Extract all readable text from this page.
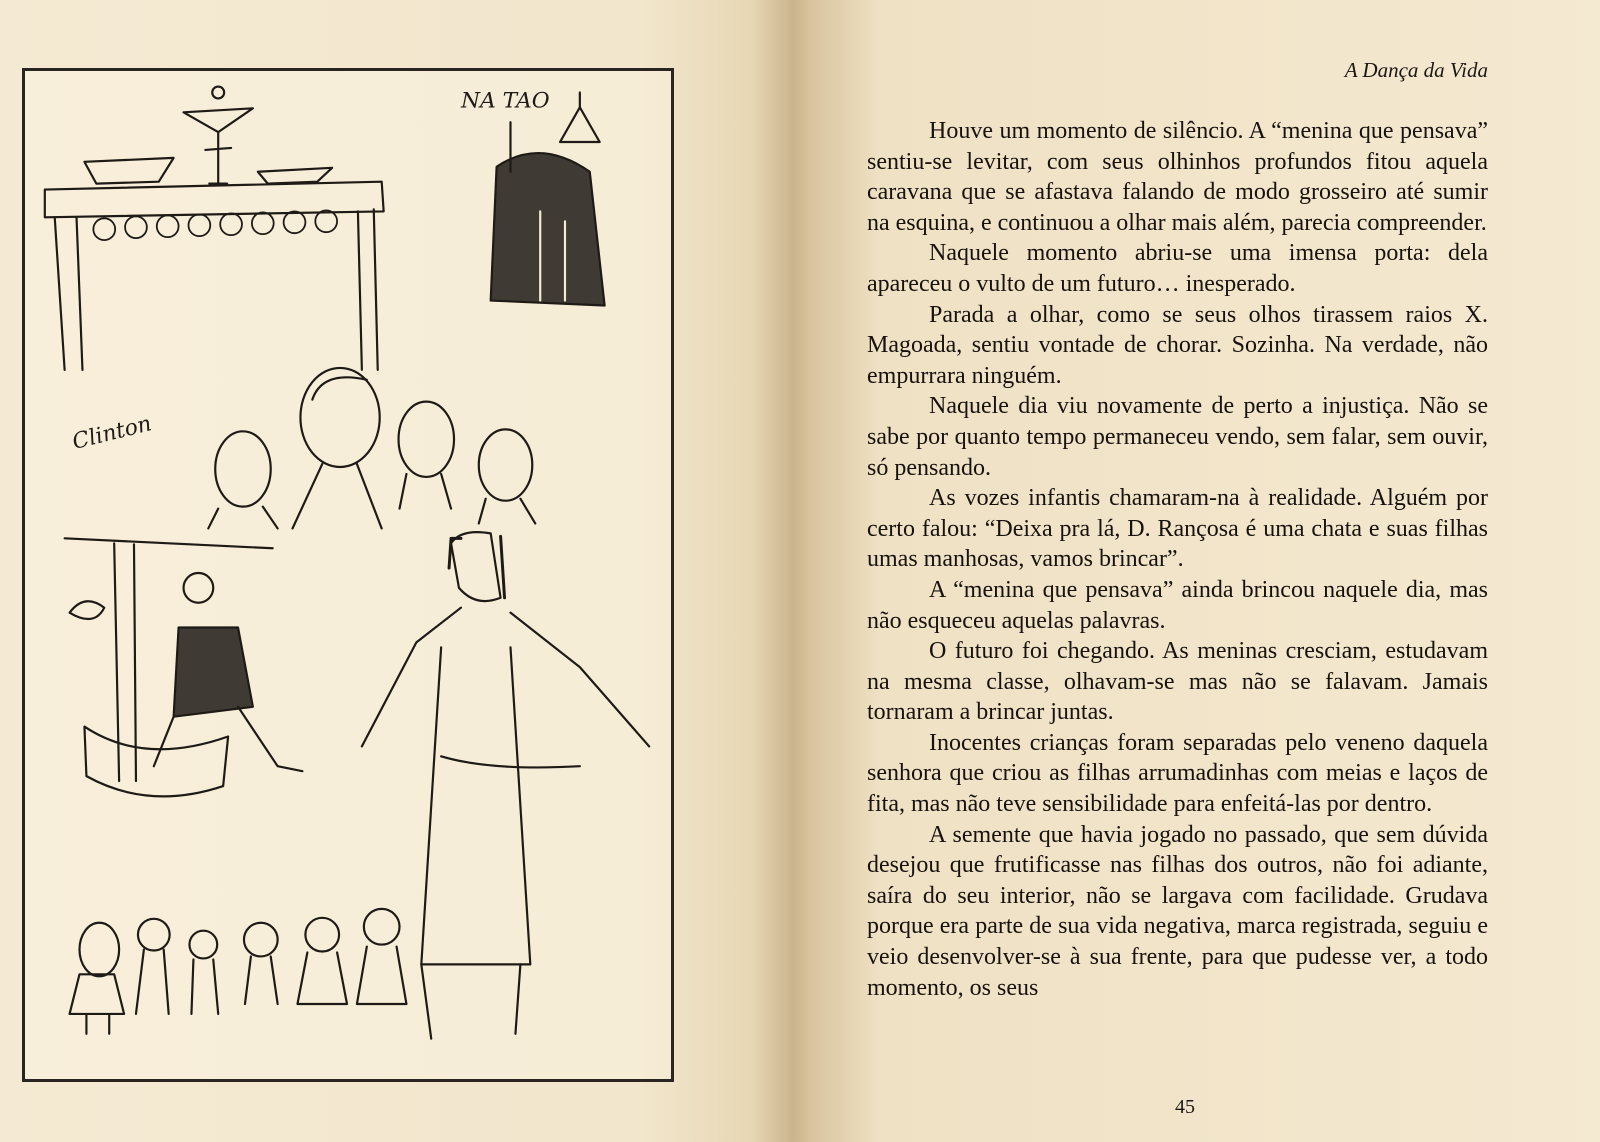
NA TAO
Clinton
A Dança da Vida

Houve um momento de silêncio. A “menina que pensava” sentiu-se levitar, com seus olhinhos profundos fitou aquela caravana que se afastava falando de modo grosseiro até sumir na esquina, e continuou a olhar mais além, parecia compreender.

Naquele momento abriu-se uma imensa porta: dela apareceu o vulto de um futuro… inesperado.

Parada a olhar, como se seus olhos tirassem raios X. Magoada, sentiu vontade de chorar. Sozinha. Na verdade, não empurrara ninguém.

Naquele dia viu novamente de perto a injustiça. Não se sabe por quanto tempo permaneceu vendo, sem falar, sem ouvir, só pensando.

As vozes infantis chamaram-na à realidade. Alguém por certo falou: “Deixa pra lá, D. Rançosa é uma chata e suas filhas umas manhosas, vamos brincar”.

A “menina que pensava” ainda brincou naquele dia, mas não esqueceu aquelas palavras.

O futuro foi chegando. As meninas cresciam, estudavam na mesma classe, olhavam-se mas não se falavam. Jamais tornaram a brincar juntas.

Inocentes crianças foram separadas pelo veneno daquela senhora que criou as filhas arrumadinhas com meias e laços de fita, mas não teve sensibilidade para enfeitá-las por dentro.

A semente que havia jogado no passado, que sem dúvida desejou que frutificasse nas filhas dos outros, não foi adiante, saíra do seu interior, não se largava com facilidade. Grudava porque era parte de sua vida negativa, marca registrada, seguiu e veio desenvolver-se à sua frente, para que pudesse ver, a todo momento, os seus

45
